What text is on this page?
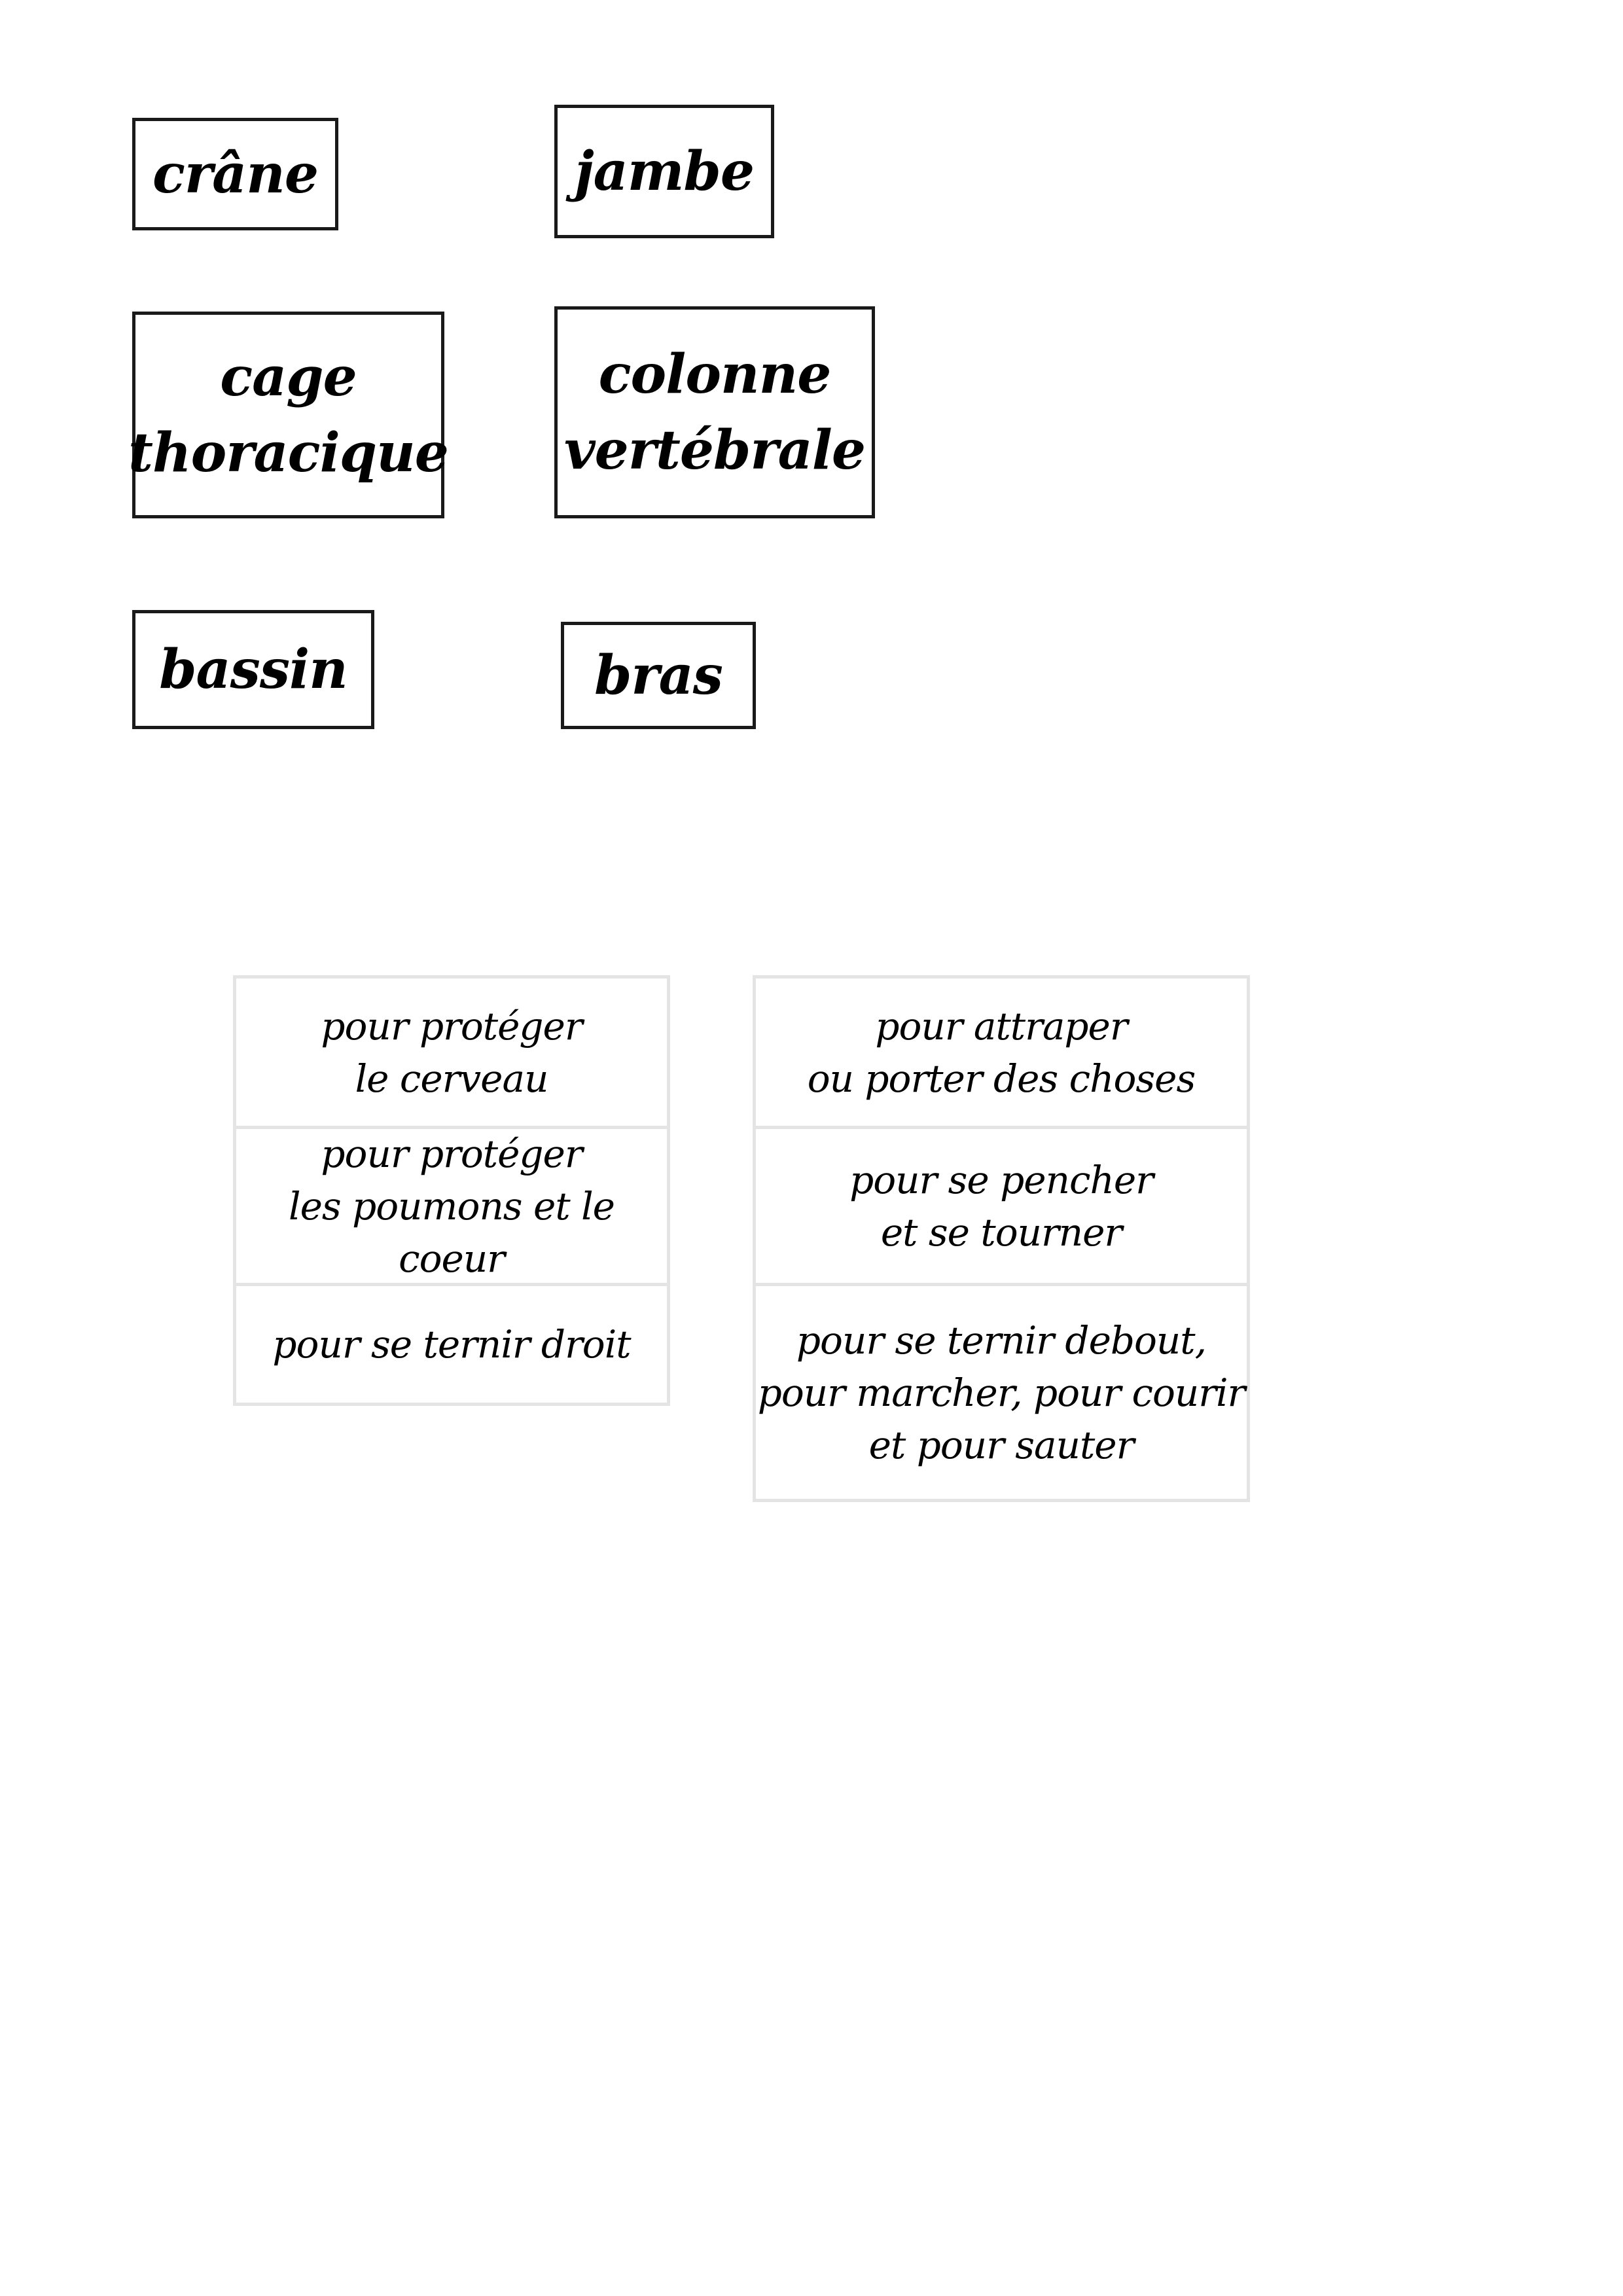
crâne	jambe
cage
thoracique
colonne
vertébrale
bassin	bras
pour protéger
le cerveau
pour protéger
les poumons et le coeur
pour se ternir droit
pour attraper
ou porter des choses
pour se pencher
et se tourner
pour se ternir debout,
pour marcher, pour courir
et pour sauter
